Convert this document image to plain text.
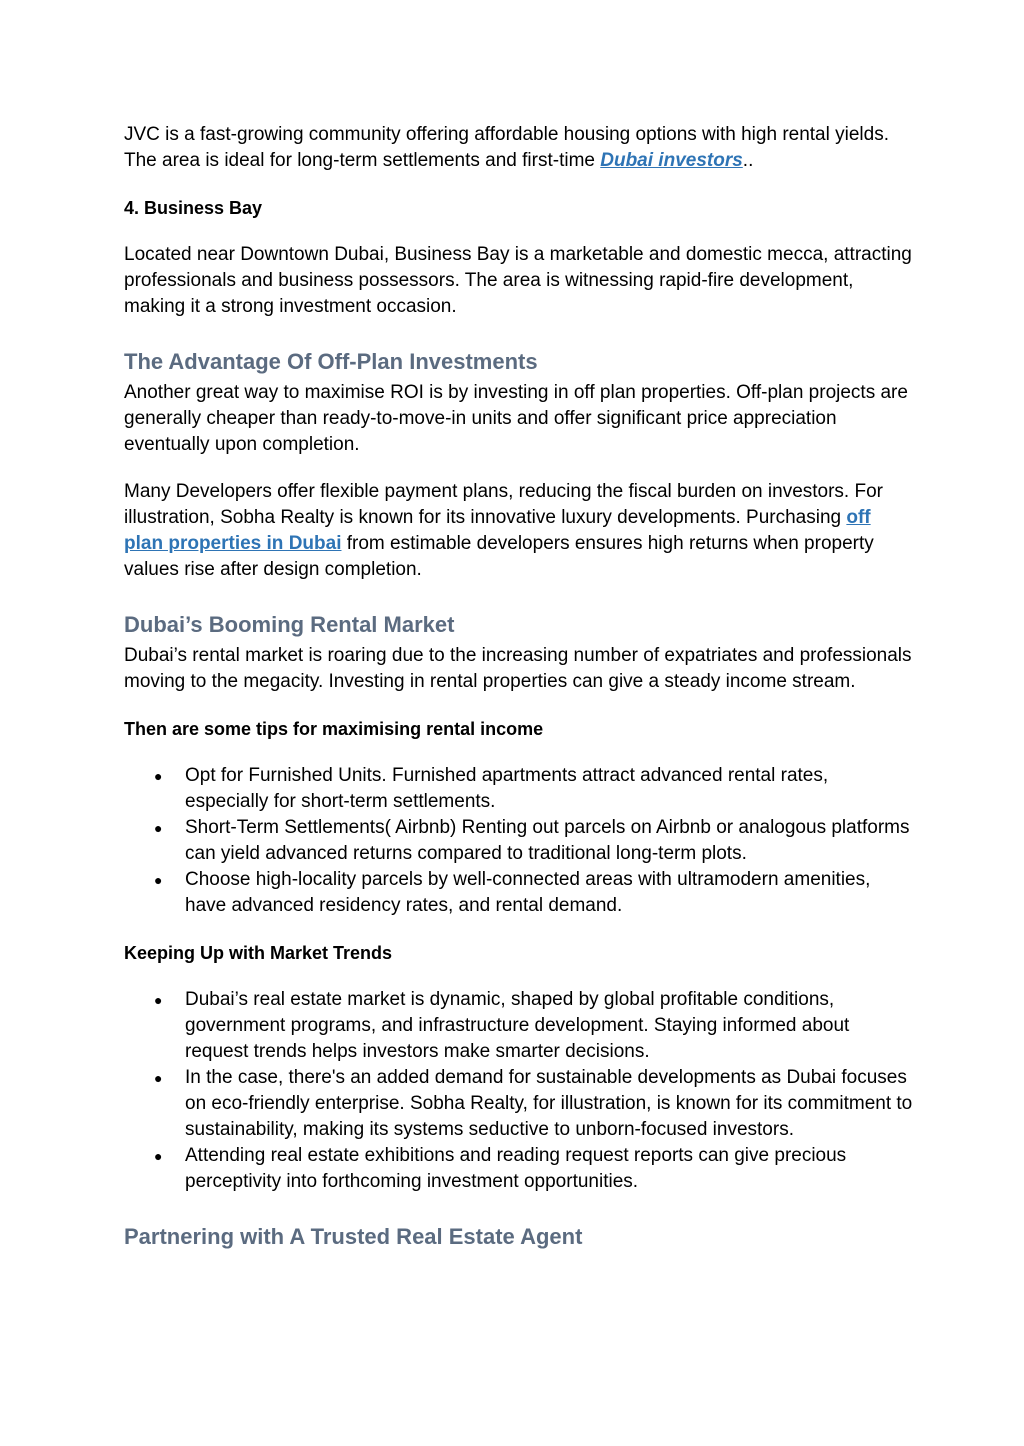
JVC is a fast-growing community offering affordable housing options with high rental yields. The area is ideal for long-term settlements and first-time Dubai investors..

4. Business Bay

Located near Downtown Dubai, Business Bay is a marketable and domestic mecca, attracting professionals and business possessors. The area is witnessing rapid-fire development, making it a strong investment occasion.

The Advantage Of Off-Plan Investments

Another great way to maximise ROI is by investing in off plan properties. Off-plan projects are generally cheaper than ready-to-move-in units and offer significant price appreciation eventually upon completion.

Many Developers offer flexible payment plans, reducing the fiscal burden on investors. For illustration, Sobha Realty is known for its innovative luxury developments. Purchasing off plan properties in Dubai from estimable developers ensures high returns when property values rise after design completion.

Dubai’s Booming Rental Market

Dubai’s rental market is roaring due to the increasing number of expatriates and professionals moving to the megacity. Investing in rental properties can give a steady income stream.

Then are some tips for maximising rental income

● Opt for Furnished Units. Furnished apartments attract advanced rental rates, especially for short-term settlements.
● Short-Term Settlements( Airbnb) Renting out parcels on Airbnb or analogous platforms can yield advanced returns compared to traditional long-term plots.
● Choose high-locality parcels by well-connected areas with ultramodern amenities, have advanced residency rates, and rental demand.

Keeping Up with Market Trends

● Dubai’s real estate market is dynamic, shaped by global profitable conditions, government programs, and infrastructure development. Staying informed about request trends helps investors make smarter decisions.
● In the case, there's an added demand for sustainable developments as Dubai focuses on eco-friendly enterprise. Sobha Realty, for illustration, is known for its commitment to sustainability, making its systems seductive to unborn-focused investors.
● Attending real estate exhibitions and reading request reports can give precious perceptivity into forthcoming investment opportunities.
Partnering with A Trusted Real Estate Agent
